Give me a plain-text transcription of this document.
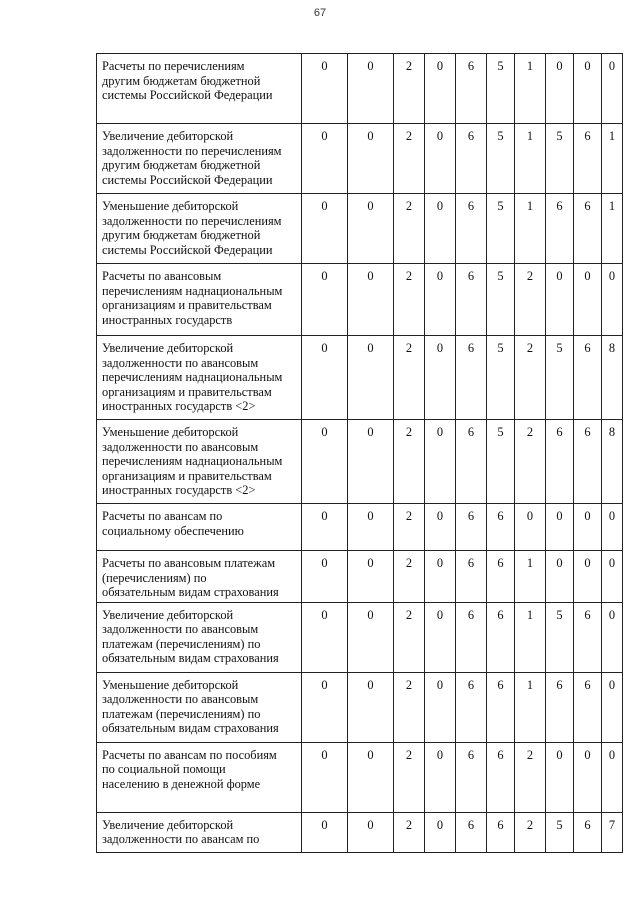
67
Расчеты по перечислениям
другим бюджетам бюджетной
системы Российской Федерации	0	0	2	0	6	5	1	0	0	0
Увеличение дебиторской
задолженности по перечислениям
другим бюджетам бюджетной
системы Российской Федерации	0	0	2	0	6	5	1	5	6	1
Уменьшение дебиторской
задолженности по перечислениям
другим бюджетам бюджетной
системы Российской Федерации	0	0	2	0	6	5	1	6	6	1
Расчеты по авансовым
перечислениям наднациональным
организациям и правительствам
иностранных государств	0	0	2	0	6	5	2	0	0	0
Увеличение дебиторской
задолженности по авансовым
перечислениям наднациональным
организациям и правительствам
иностранных государств <2>	0	0	2	0	6	5	2	5	6	8
Уменьшение дебиторской
задолженности по авансовым
перечислениям наднациональным
организациям и правительствам
иностранных государств <2>	0	0	2	0	6	5	2	6	6	8
Расчеты по авансам по
социальному обеспечению	0	0	2	0	6	6	0	0	0	0
Расчеты по авансовым платежам
(перечислениям) по
обязательным видам страхования	0	0	2	0	6	6	1	0	0	0
Увеличение дебиторской
задолженности по авансовым
платежам (перечислениям) по
обязательным видам страхования	0	0	2	0	6	6	1	5	6	0
Уменьшение дебиторской
задолженности по авансовым
платежам (перечислениям) по
обязательным видам страхования	0	0	2	0	6	6	1	6	6	0
Расчеты по авансам по пособиям
по социальной помощи
населению в денежной форме	0	0	2	0	6	6	2	0	0	0
Увеличение дебиторской
задолженности по авансам по	0	0	2	0	6	6	2	5	6	7
